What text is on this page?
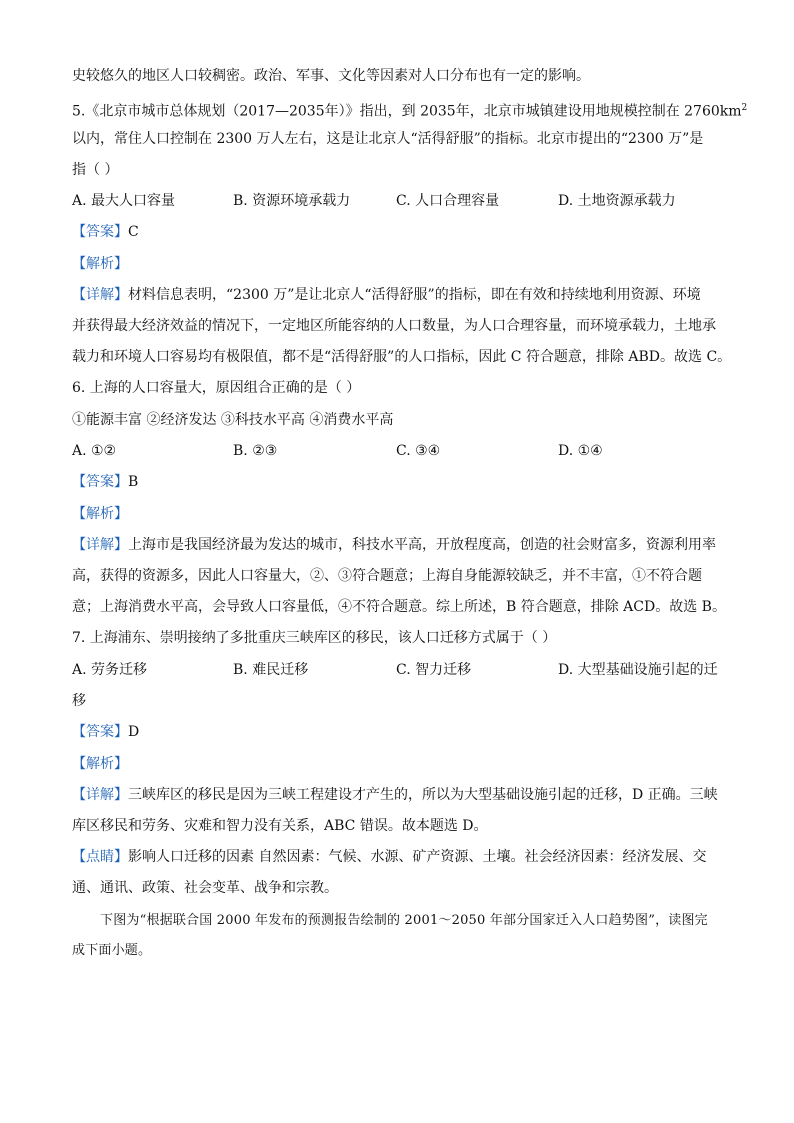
史较悠久的地区人口较稠密。政治、军事、文化等因素对人口分布也有一定的影响。
5.《北京市城市总体规划（2017—2035年）》指出，到 2035年，北京市城镇建设用地规模控制在 $2760km^2$
以内，常住人口控制在 2300 万人左右，这是让北京人“活得舒服”的指标。北京市提出的“2300 万”是
指（ ）
A. 最大人口容量	B. 资源环境承载力	C. 人口合理容量	D. 土地资源承载力
【答案】C
【解析】
【详解】材料信息表明，“2300 万”是让北京人“活得舒服”的指标，即在有效和持续地利用资源、环境
并获得最大经济效益的情况下，一定地区所能容纳的人口数量，为人口合理容量，而环境承载力，土地承
载力和环境人口容易均有极限值，都不是“活得舒服”的人口指标，因此 C 符合题意，排除 ABD。故选 C。
6. 上海的人口容量大，原因组合正确的是（ ）
①能源丰富 ②经济发达 ③科技水平高 ④消费水平高
A. ①②	B. ②③	C. ③④	D. ①④
【答案】B
【解析】
【详解】上海市是我国经济最为发达的城市，科技水平高，开放程度高，创造的社会财富多，资源利用率
高，获得的资源多，因此人口容量大，②、③符合题意；上海自身能源较缺乏，并不丰富，①不符合题
意；上海消费水平高，会导致人口容量低，④不符合题意。综上所述，B 符合题意，排除 ACD。故选 B。
7. 上海浦东、崇明接纳了多批重庆三峡库区的移民，该人口迁移方式属于（ ）
A. 劳务迁移	B. 难民迁移	C. 智力迁移	D. 大型基础设施引起的迁
移
【答案】D
【解析】
【详解】三峡库区的移民是因为三峡工程建设才产生的，所以为大型基础设施引起的迁移，D 正确。三峡
库区移民和劳务、灾难和智力没有关系，ABC 错误。故本题选 D。
【点睛】影响人口迁移的因素 自然因素：气候、水源、矿产资源、土壤。社会经济因素：经济发展、交
通、通讯、政策、社会变革、战争和宗教。
下图为“根据联合国 2000 年发布的预测报告绘制的 2001～2050 年部分国家迁入人口趋势图”，读图完
成下面小题。
